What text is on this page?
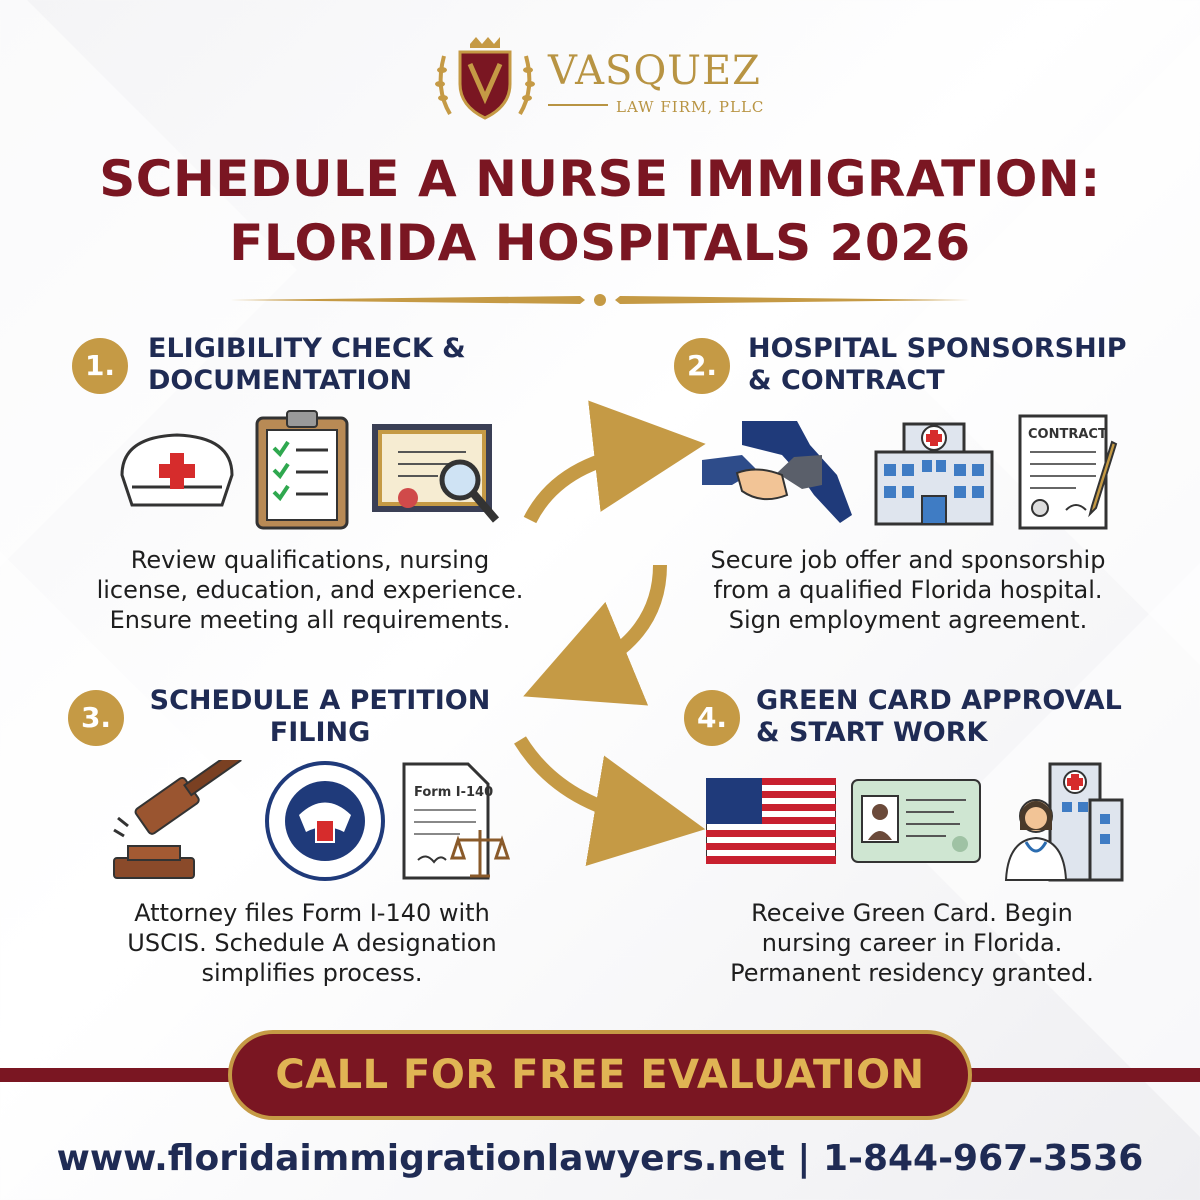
VASQUEZ
LAW FIRM, PLLC
SCHEDULE A NURSE IMMIGRATION:
FLORIDA HOSPITALS 2026
1.
ELIGIBILITY CHECK &
DOCUMENTATION
Review qualifications, nursing
license, education, and experience.
Ensure meeting all requirements.
2.
HOSPITAL SPONSORSHIP
& CONTRACT
CONTRACT
Secure job offer and sponsorship
from a qualified Florida hospital.
Sign employment agreement.
3.
SCHEDULE A PETITION
FILING
Form I-140
Attorney files Form I-140 with
USCIS. Schedule A designation
simplifies process.
4.
GREEN CARD APPROVAL
& START WORK
Receive Green Card. Begin
nursing career in Florida.
Permanent residency granted.
CALL FOR FREE EVALUATION
www.floridaimmigrationlawyers.net | 1-844-967-3536
